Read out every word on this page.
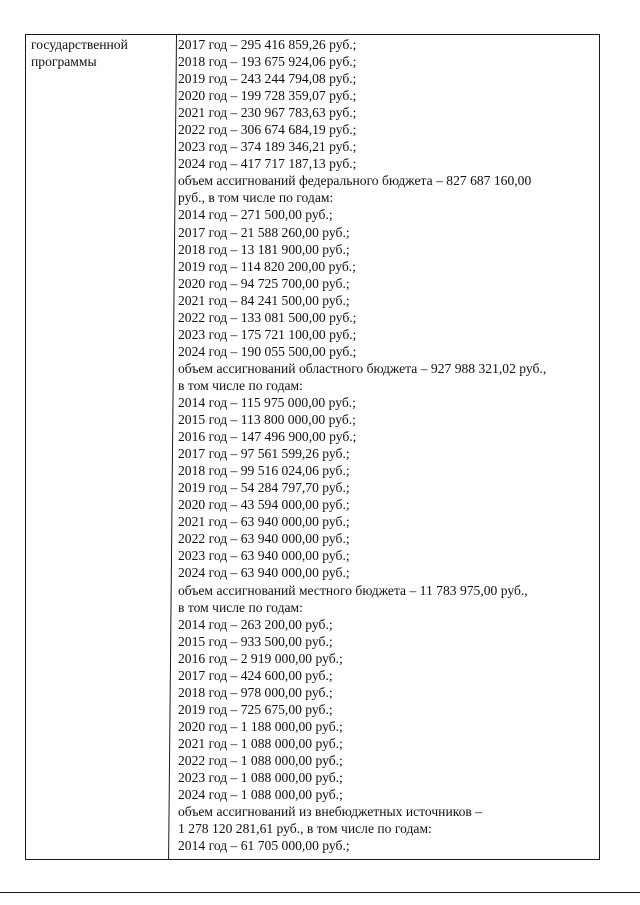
государственной
программы
2017 год – 295 416 859,26 руб.;
2018 год – 193 675 924,06 руб.;
2019 год – 243 244 794,08 руб.;
2020 год – 199 728 359,07 руб.;
2021 год – 230 967 783,63 руб.;
2022 год – 306 674 684,19 руб.;
2023 год – 374 189 346,21 руб.;
2024 год – 417 717 187,13 руб.;
объем ассигнований федерального бюджета – 827 687 160,00
руб., в том числе по годам:
2014 год – 271 500,00 руб.;
2017 год – 21 588 260,00 руб.;
2018 год – 13 181 900,00 руб.;
2019 год – 114 820 200,00 руб.;
2020 год – 94 725 700,00 руб.;
2021 год – 84 241 500,00 руб.;
2022 год – 133 081 500,00 руб.;
2023 год – 175 721 100,00 руб.;
2024 год – 190 055 500,00 руб.;
объем ассигнований областного бюджета – 927 988 321,02 руб.,
в том числе по годам:
2014 год – 115 975 000,00 руб.;
2015 год – 113 800 000,00 руб.;
2016 год – 147 496 900,00 руб.;
2017 год – 97 561 599,26 руб.;
2018 год – 99 516 024,06 руб.;
2019 год – 54 284 797,70 руб.;
2020 год – 43 594 000,00 руб.;
2021 год – 63 940 000,00 руб.;
2022 год – 63 940 000,00 руб.;
2023 год – 63 940 000,00 руб.;
2024 год – 63 940 000,00 руб.;
объем ассигнований местного бюджета – 11 783 975,00 руб.,
в том числе по годам:
2014 год – 263 200,00 руб.;
2015 год – 933 500,00 руб.;
2016 год – 2 919 000,00 руб.;
2017 год – 424 600,00 руб.;
2018 год – 978 000,00 руб.;
2019 год – 725 675,00 руб.;
2020 год – 1 188 000,00 руб.;
2021 год – 1 088 000,00 руб.;
2022 год – 1 088 000,00 руб.;
2023 год – 1 088 000,00 руб.;
2024 год – 1 088 000,00 руб.;
объем ассигнований из внебюджетных источников –
1 278 120 281,61 руб., в том числе по годам:
2014 год – 61 705 000,00 руб.;
